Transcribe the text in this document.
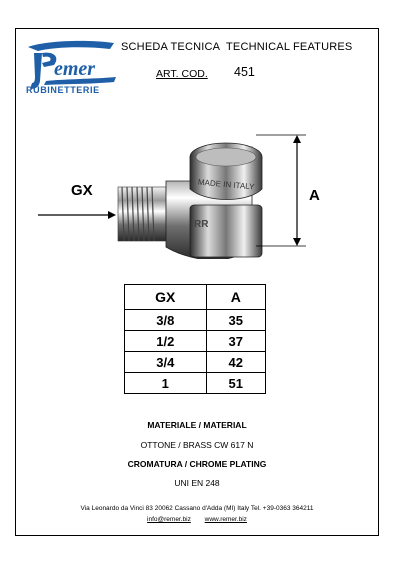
emer
RUBINETTERIE
SCHEDA TECNICA TECHNICAL FEATURES
ART. COD. 451
MADE IN ITALY
RR
GX	A
GX	A
3/8	35
1/2	37
3/4	42
1	51
MATERIALE / MATERIAL
OTTONE / BRASS CW 617 N
CROMATURA / CHROME PLATING
UNI EN 248
Via Leonardo da Vinci 83 20062 Cassano d'Adda (MI) Italy Tel. +39-0363 364211
info@remer.biz www.remer.biz
